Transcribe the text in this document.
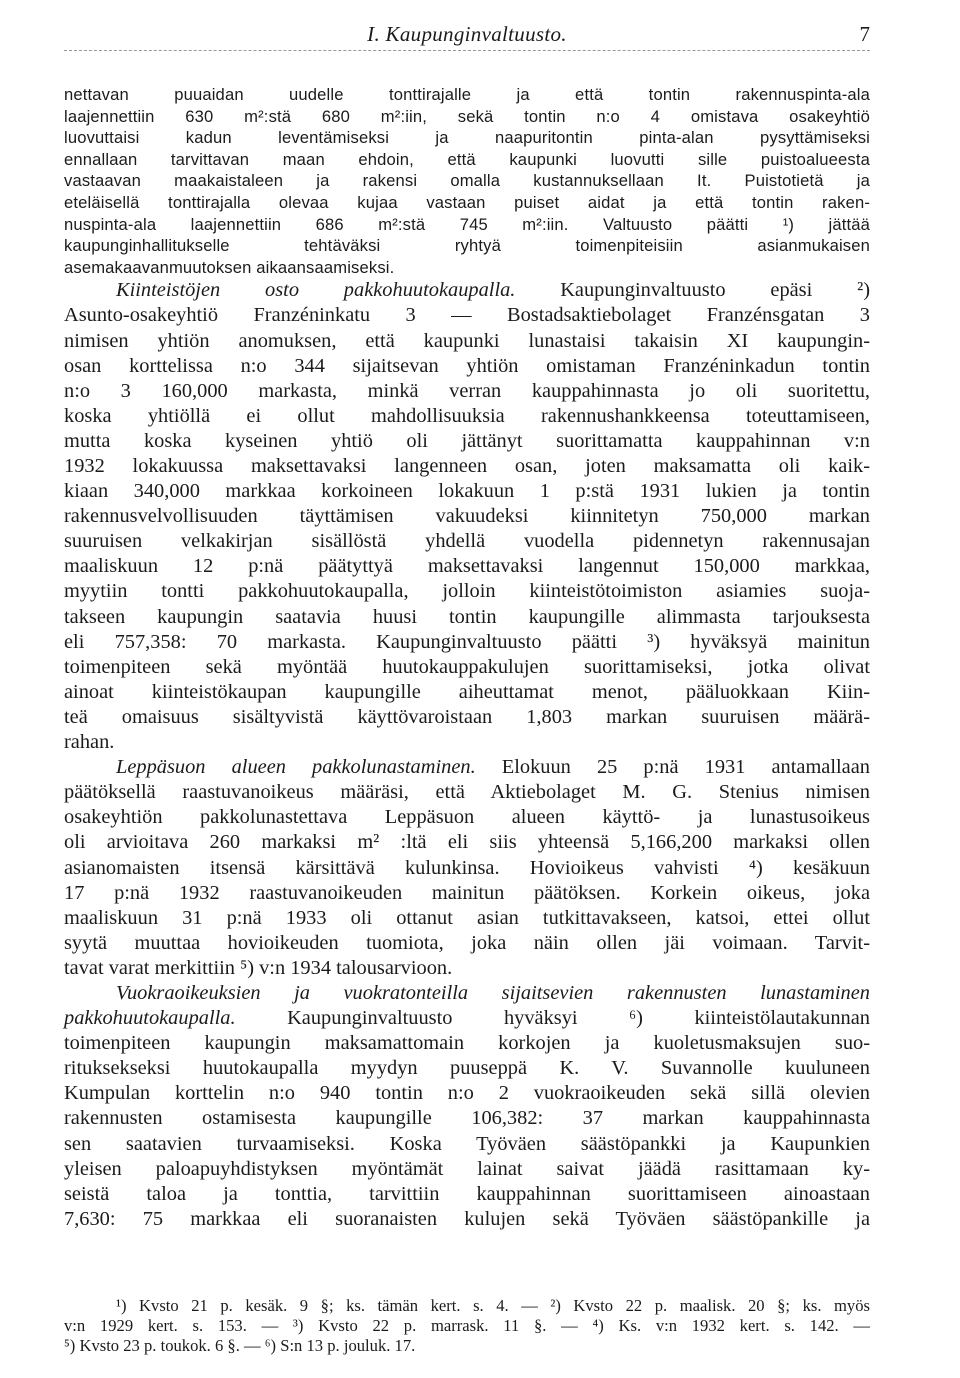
I. Kaupunginvaltuusto.	7
nettavan puuaidan uudelle tonttirajalle ja että tontin rakennuspinta-ala
laajennettiin 630 m²:stä 680 m²:iin, sekä tontin n:o 4 omistava osakeyhtiö
luovuttaisi kadun leventämiseksi ja naapuritontin pinta-alan pysyttämiseksi
ennallaan tarvittavan maan ehdoin, että kaupunki luovutti sille puistoalueesta
vastaavan maakaistaleen ja rakensi omalla kustannuksellaan It. Puistotietä ja
eteläisellä tonttirajalla olevaa kujaa vastaan puiset aidat ja että tontin raken-
nuspinta-ala laajennettiin 686 m²:stä 745 m²:iin. Valtuusto päätti ¹) jättää
kaupunginhallitukselle tehtäväksi ryhtyä toimenpiteisiin asianmukaisen
asemakaavanmuutoksen aikaansaamiseksi.
Kiinteistöjen osto pakkohuutokaupalla. Kaupunginvaltuusto epäsi ²)
Asunto-osakeyhtiö Franzéninkatu 3 — Bostadsaktiebolaget Franzénsgatan 3
nimisen yhtiön anomuksen, että kaupunki lunastaisi takaisin XI kaupungin-
osan korttelissa n:o 344 sijaitsevan yhtiön omistaman Franzéninkadun tontin
n:o 3 160,000 markasta, minkä verran kauppahinnasta jo oli suoritettu,
koska yhtiöllä ei ollut mahdollisuuksia rakennushankkeensa toteuttamiseen,
mutta koska kyseinen yhtiö oli jättänyt suorittamatta kauppahinnan v:n
1932 lokakuussa maksettavaksi langenneen osan, joten maksamatta oli kaik-
kiaan 340,000 markkaa korkoineen lokakuun 1 p:stä 1931 lukien ja tontin
rakennusvelvollisuuden täyttämisen vakuudeksi kiinnitetyn 750,000 markan
suuruisen velkakirjan sisällöstä yhdellä vuodella pidennetyn rakennusajan
maaliskuun 12 p:nä päätyttyä maksettavaksi langennut 150,000 markkaa,
myytiin tontti pakkohuutokaupalla, jolloin kiinteistötoimiston asiamies suoja-
takseen kaupungin saatavia huusi tontin kaupungille alimmasta tarjouksesta
eli 757,358: 70 markasta. Kaupunginvaltuusto päätti ³) hyväksyä mainitun
toimenpiteen sekä myöntää huutokauppakulujen suorittamiseksi, jotka olivat
ainoat kiinteistökaupan kaupungille aiheuttamat menot, pääluokkaan Kiin-
teä omaisuus sisältyvistä käyttövaroistaan 1,803 markan suuruisen määrä-
rahan.
Leppäsuon alueen pakkolunastaminen. Elokuun 25 p:nä 1931 antamallaan
päätöksellä raastuvanoikeus määräsi, että Aktiebolaget M. G. Stenius nimisen
osakeyhtiön pakkolunastettava Leppäsuon alueen käyttö- ja lunastusoikeus
oli arvioitava 260 markaksi m² :ltä eli siis yhteensä 5,166,200 markaksi ollen
asianomaisten itsensä kärsittävä kulunkinsa. Hovioikeus vahvisti ⁴) kesäkuun
17 p:nä 1932 raastuvanoikeuden mainitun päätöksen. Korkein oikeus, joka
maaliskuun 31 p:nä 1933 oli ottanut asian tutkittavakseen, katsoi, ettei ollut
syytä muuttaa hovioikeuden tuomiota, joka näin ollen jäi voimaan. Tarvit-
tavat varat merkittiin ⁵) v:n 1934 talousarvioon.
Vuokraoikeuksien ja vuokratonteilla sijaitsevien rakennusten lunastaminen
pakkohuutokaupalla. Kaupunginvaltuusto hyväksyi ⁶) kiinteistölautakunnan
toimenpiteen kaupungin maksamattomain korkojen ja kuoletusmaksujen suo-
rituksekseksi huutokaupalla myydyn puuseppä K. V. Suvannolle kuuluneen
Kumpulan korttelin n:o 940 tontin n:o 2 vuokraoikeuden sekä sillä olevien
rakennusten ostamisesta kaupungille 106,382: 37 markan kauppahinnasta
sen saatavien turvaamiseksi. Koska Työväen säästöpankki ja Kaupunkien
yleisen paloapuyhdistyksen myöntämät lainat saivat jäädä rasittamaan ky-
seistä taloa ja tonttia, tarvittiin kauppahinnan suorittamiseen ainoastaan
7,630: 75 markkaa eli suoranaisten kulujen sekä Työväen säästöpankille ja
¹) Kvsto 21 p. kesäk. 9 §; ks. tämän kert. s. 4. — ²) Kvsto 22 p. maalisk. 20 §; ks. myös
v:n 1929 kert. s. 153. — ³) Kvsto 22 p. marrask. 11 §. — ⁴) Ks. v:n 1932 kert. s. 142. —
⁵) Kvsto 23 p. toukok. 6 §. — ⁶) S:n 13 p. jouluk. 17.
